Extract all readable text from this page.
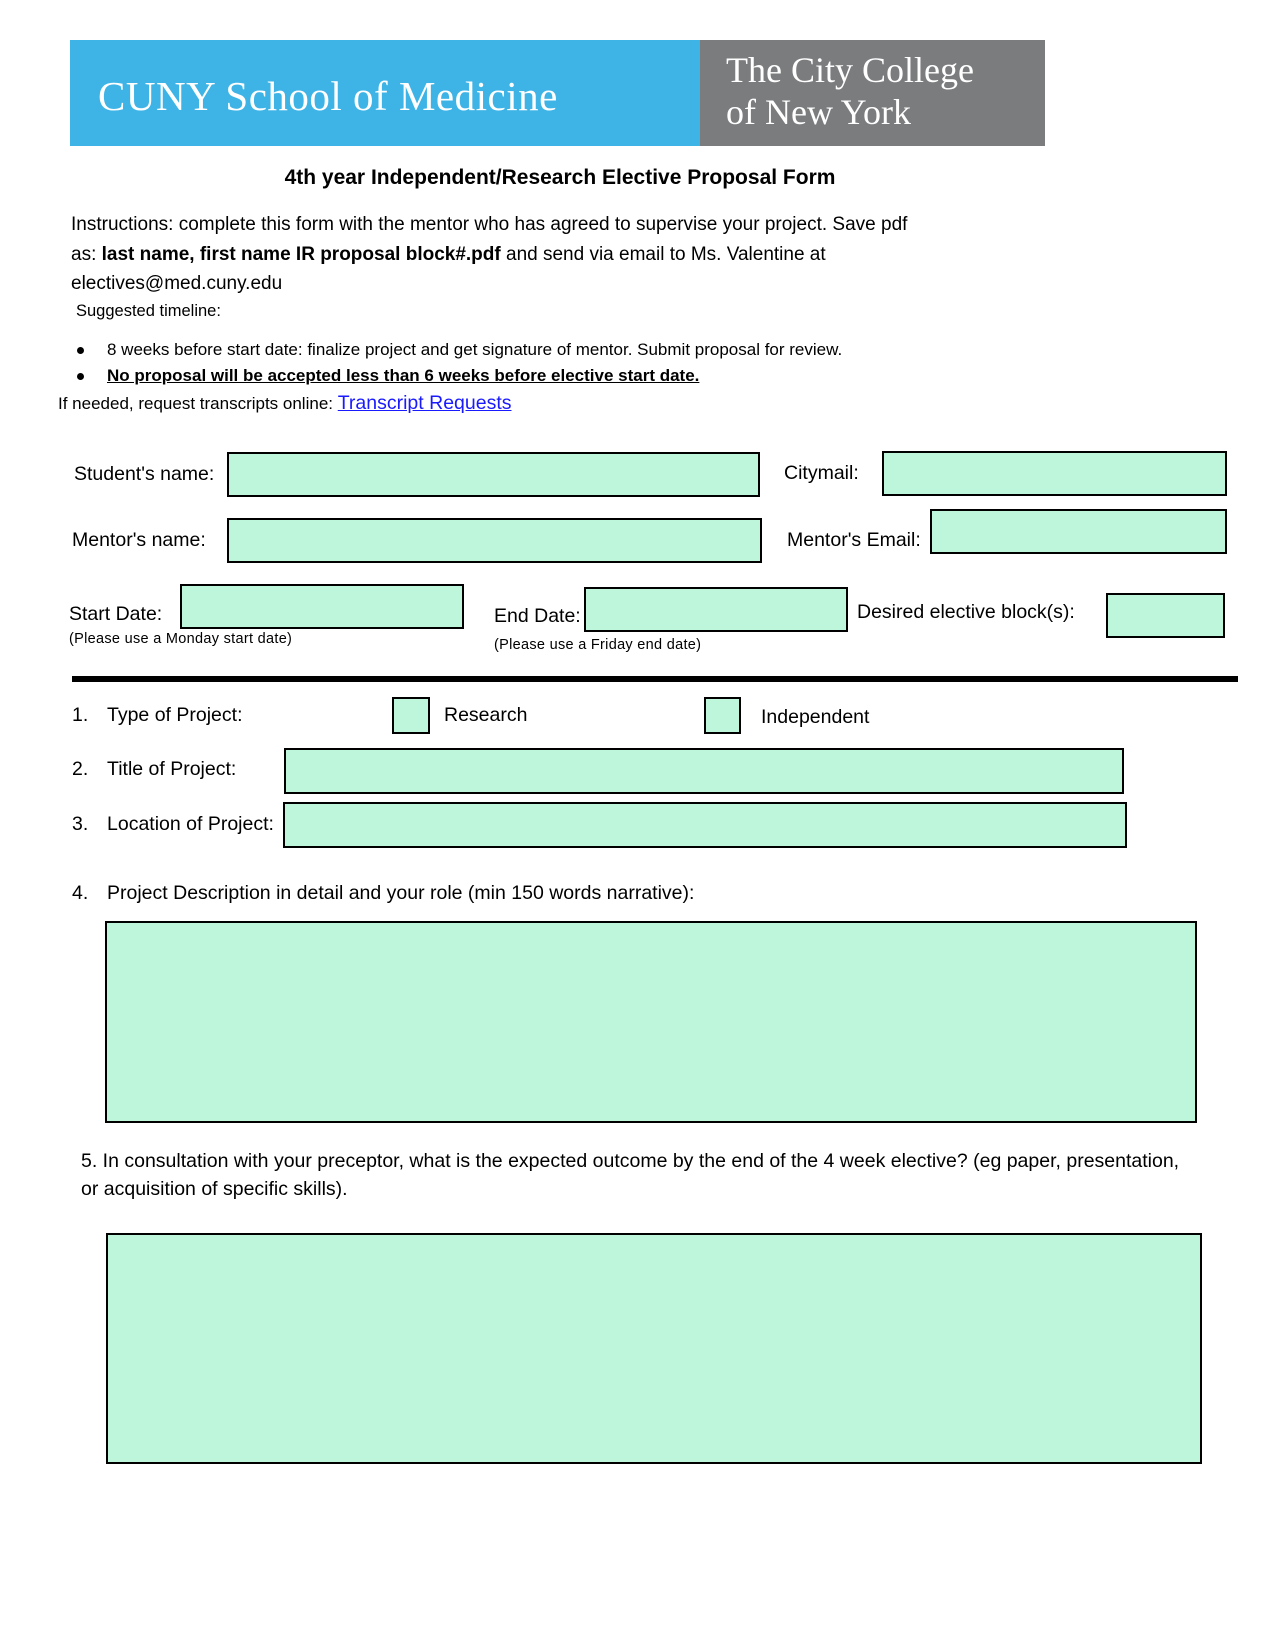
CUNY School of Medicine
The City College
of New York
4th year Independent/Research Elective Proposal Form
Instructions: complete this form with the mentor who has agreed to supervise your project. Save pdf as: last name, first name IR proposal block#.pdf and send via email to Ms. Valentine at electives@med.cuny.edu
Suggested timeline:
8 weeks before start date: finalize project and get signature of mentor. Submit proposal for review.
No proposal will be accepted less than 6 weeks before elective start date.
If needed, request transcripts online: Transcript Requests
Student's name:	Citymail:
Mentor's name:	Mentor's Email:
Start Date:
(Please use a Monday start date)
End Date:
(Please use a Friday end date)
Desired elective block(s):
1. Type of Project:	Research	Independent
2. Title of Project:
3. Location of Project:
4. Project Description in detail and your role (min 150 words narrative):
5. In consultation with your preceptor, what is the expected outcome by the end of the 4 week elective? (eg paper, presentation, or acquisition of specific skills).
